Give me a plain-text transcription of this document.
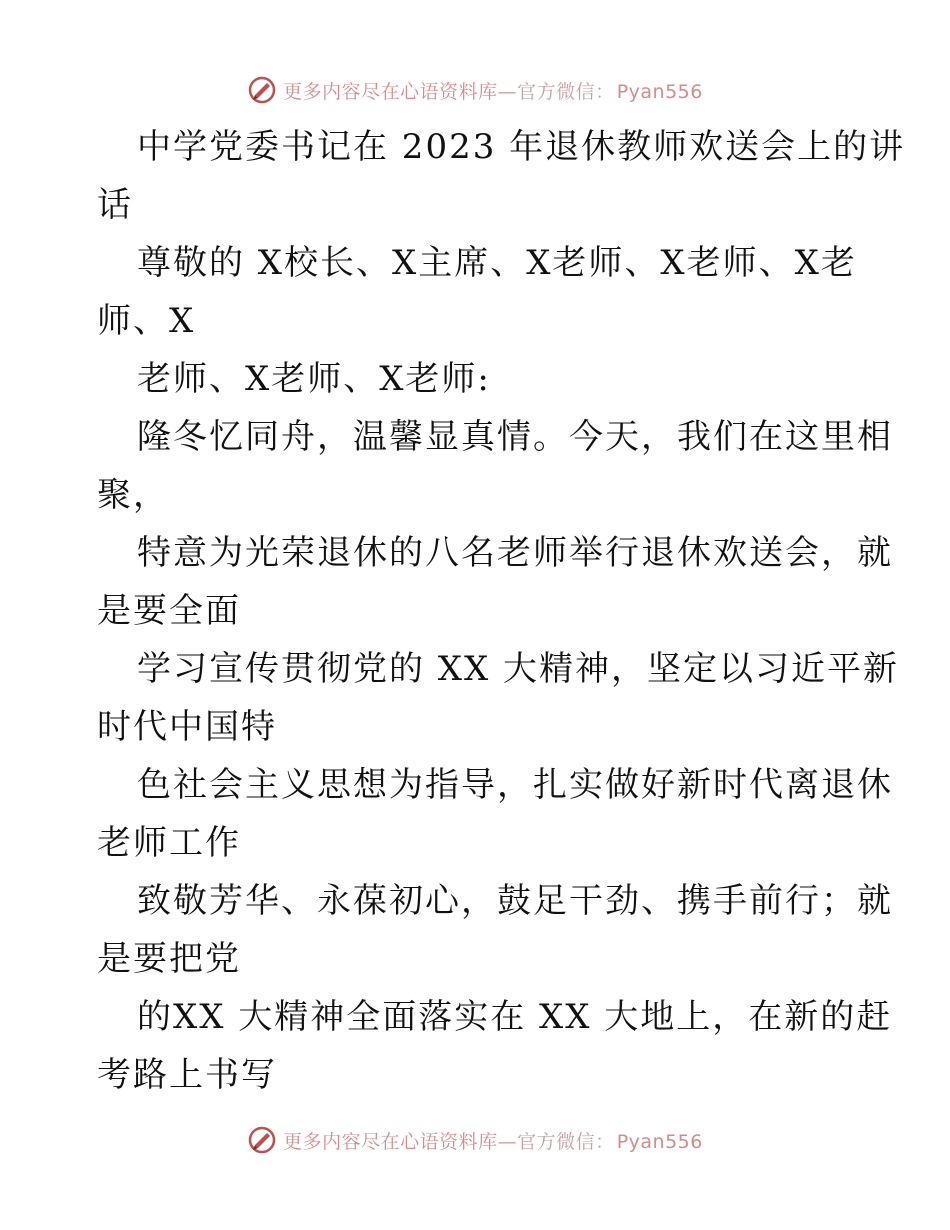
更多内容尽在心语资料库—官方微信： Pyan556

中学党委书记在 2023 年退休教师欢送会上的讲
话

尊敬的 X校长、X主席、X老师、X老师、X老
师、X

老师、X老师、X老师:

隆冬忆同舟，温馨显真情。今天，我们在这里相
聚，

特意为光荣退休的八名老师举行退休欢送会，就
是要全面

学习宣传贯彻党的 XX 大精神，坚定以习近平新
时代中国特

色社会主义思想为指导，扎实做好新时代离退休
老师工作

致敬芳华、永葆初心，鼓足干劲、携手前行；就
是要把党

的XX 大精神全面落实在 XX 大地上，在新的赶
考路上书写

更多内容尽在心语资料库—官方微信： Pyan556
